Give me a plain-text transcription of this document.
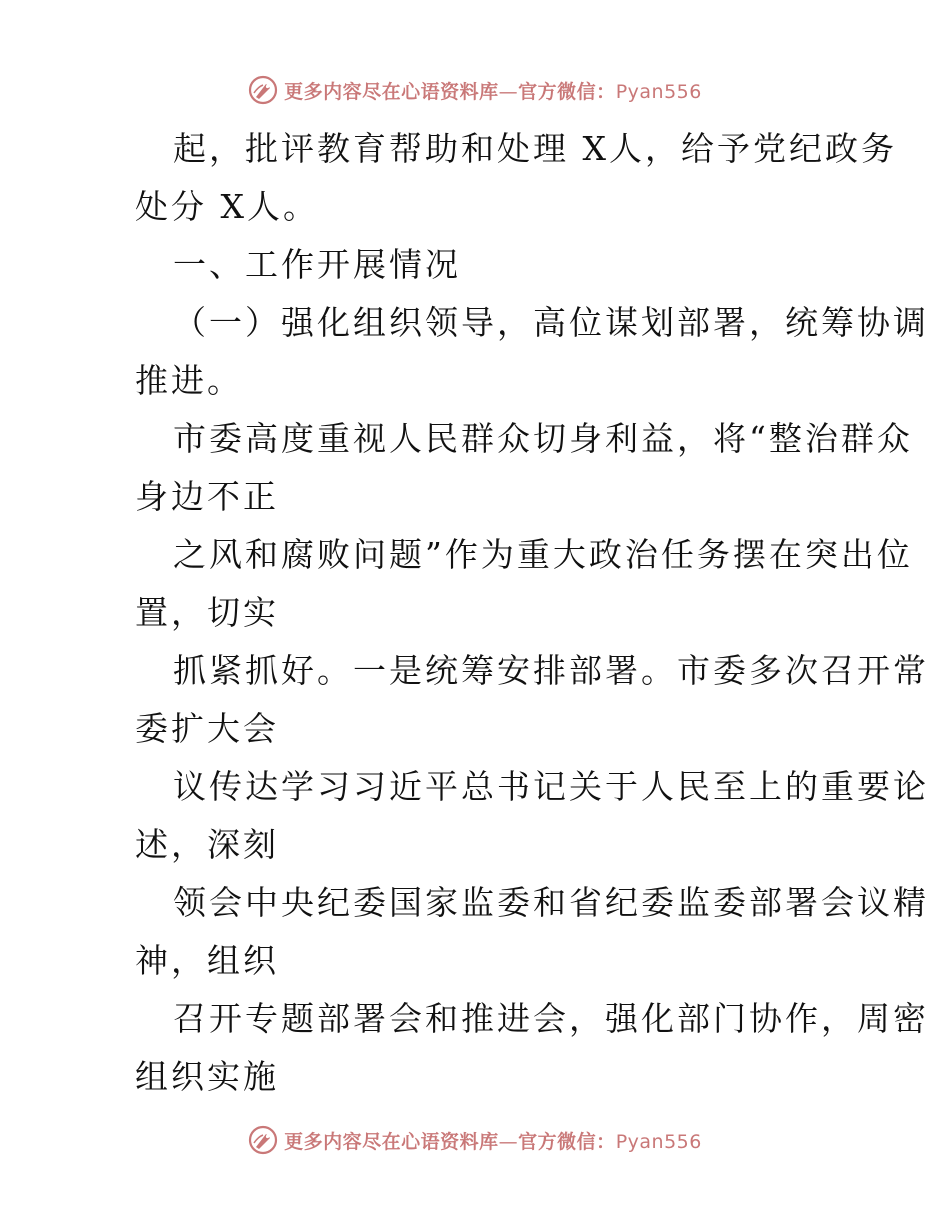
更多内容尽在心语资料库—官方微信：Pyan556
起，批评教育帮助和处理 X人，给予党纪政务
处分 X人。
一、工作开展情况
（一）强化组织领导，高位谋划部署，统筹协调
推进。
市委高度重视人民群众切身利益，将“整治群众
身边不正
之风和腐败问题”作为重大政治任务摆在突出位
置，切实
抓紧抓好。一是统筹安排部署。市委多次召开常
委扩大会
议传达学习习近平总书记关于人民至上的重要论
述，深刻
领会中央纪委国家监委和省纪委监委部署会议精
神，组织
召开专题部署会和推进会，强化部门协作，周密
组织实施
更多内容尽在心语资料库—官方微信：Pyan556
